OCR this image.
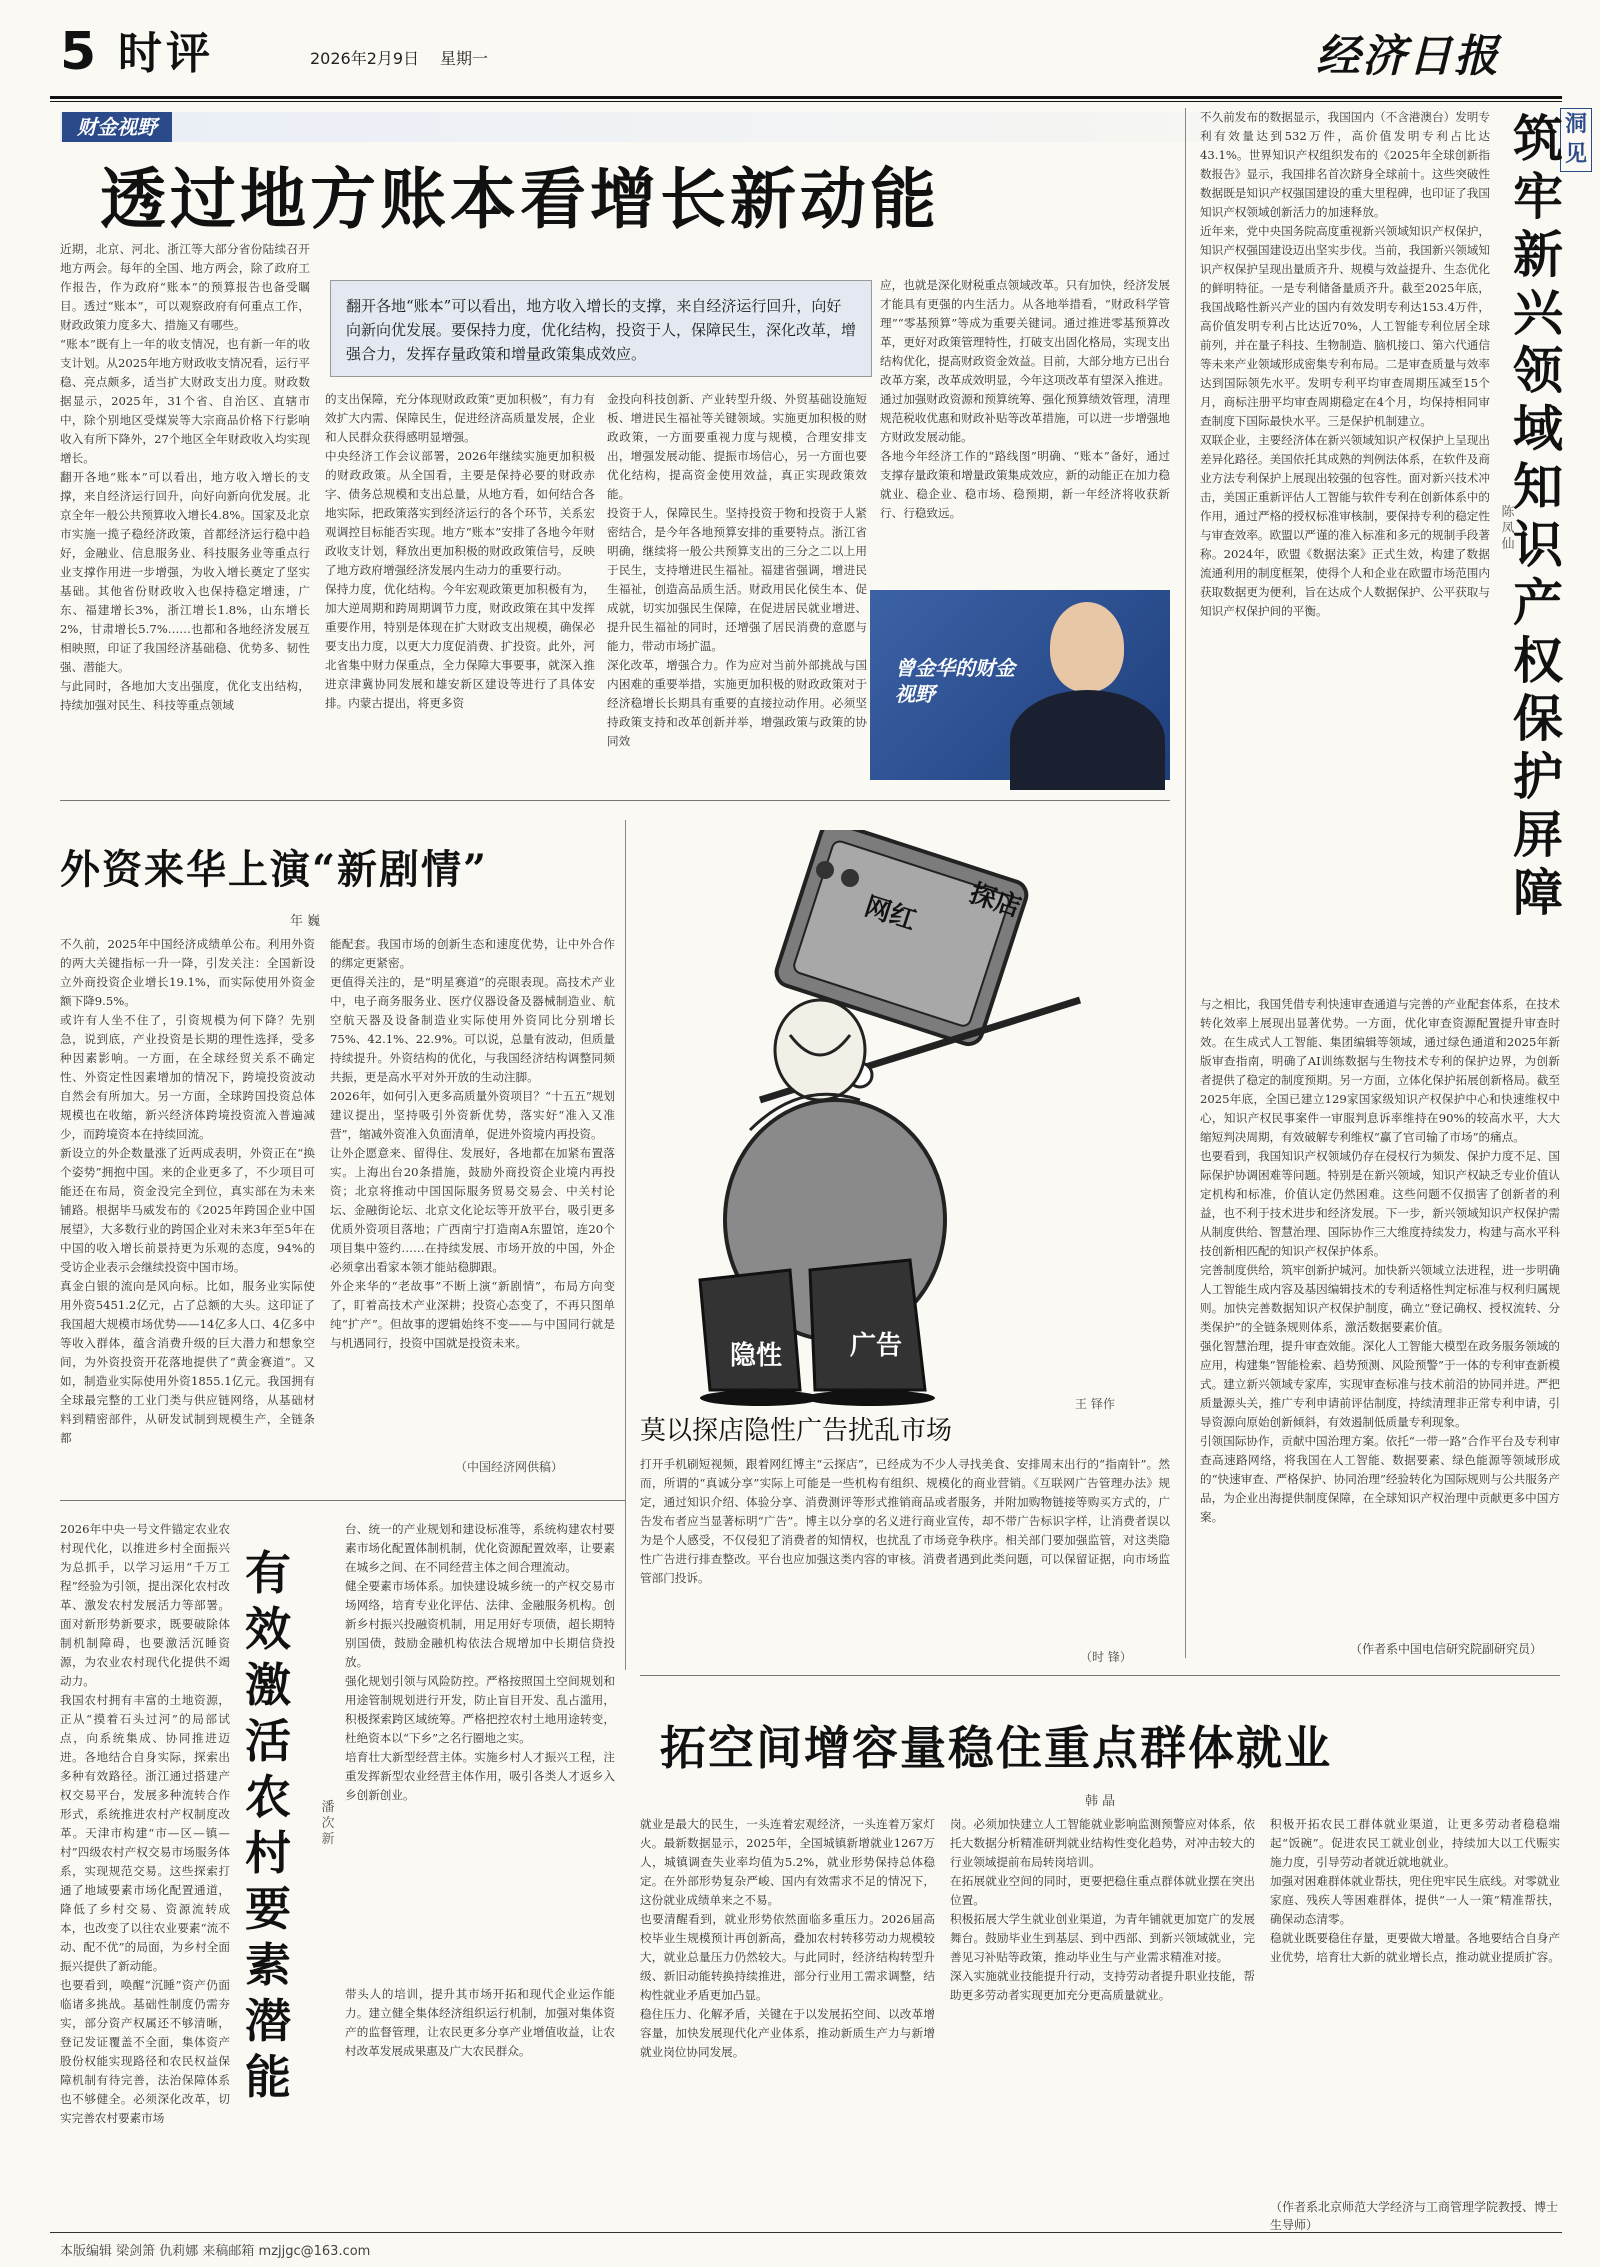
5 时评	2026年2月9日 星期一	经济日报
财金视野
透过地方账本看增长新动能
翻开各地“账本”可以看出，地方收入增长的支撑，来自经济运行回升，向好向新向优发展。要保持力度，优化结构，投资于人，保障民生，深化改革，增强合力，发挥存量政策和增量政策集成效应。
近期，北京、河北、浙江等大部分省份陆续召开地方两会。每年的全国、地方两会，除了政府工作报告，作为政府“账本”的预算报告也备受瞩目。透过“账本”，可以观察政府有何重点工作，财政政策力度多大、措施又有哪些。
“账本”既有上一年的收支情况，也有新一年的收支计划。从2025年地方财政收支情况看，运行平稳、亮点颇多，适当扩大财政支出力度。财政数据显示，2025年，31个省、自治区、直辖市中，除个别地区受煤炭等大宗商品价格下行影响收入有所下降外，27个地区全年财政收入均实现增长。
翻开各地“账本”可以看出，地方收入增长的支撑，来自经济运行回升，向好向新向优发展。北京全年一般公共预算收入增长4.8%。国家及北京市实施一揽子稳经济政策，首都经济运行稳中趋好，金融业、信息服务业、科技服务业等重点行业支撑作用进一步增强，为收入增长奠定了坚实基础。其他省份财政收入也保持稳定增速，广东、福建增长3%，浙江增长1.8%，山东增长2%，甘肃增长5.7%……也都和各地经济发展互相映照，印证了我国经济基础稳、优势多、韧性强、潜能大。
与此同时，各地加大支出强度，优化支出结构，持续加强对民生、科技等重点领域
的支出保障，充分体现财政政策“更加积极”，有力有效扩大内需、保障民生，促进经济高质量发展，企业和人民群众获得感明显增强。
中央经济工作会议部署，2026年继续实施更加积极的财政政策。从全国看，主要是保持必要的财政赤字、债务总规模和支出总量，从地方看，如何结合各地实际，把政策落实到经济运行的各个环节，关系宏观调控目标能否实现。地方“账本”安排了各地今年财政收支计划，释放出更加积极的财政政策信号，反映了地方政府增强经济发展内生动力的重要行动。
保持力度，优化结构。今年宏观政策更加积极有为，加大逆周期和跨周期调节力度，财政政策在其中发挥重要作用，特别是体现在扩大财政支出规模，确保必要支出力度，以更大力度促消费、扩投资。此外，河北省集中财力保重点，全力保障大事要事，就深入推进京津冀协同发展和雄安新区建设等进行了具体安排。内蒙古提出，将更多资
金投向科技创新、产业转型升级、外贸基础设施短板、增进民生福祉等关键领域。实施更加积极的财政政策，一方面要重视力度与规模，合理安排支出，增强发展动能、提振市场信心，另一方面也要优化结构，提高资金使用效益，真正实现政策效能。
投资于人，保障民生。坚持投资于物和投资于人紧密结合，是今年各地预算安排的重要特点。浙江省明确，继续将一般公共预算支出的三分之二以上用于民生，支持增进民生福祉。福建省强调，增进民生福祉，创造高品质生活。财政用民化侯生本、促成就，切实加强民生保障，在促进居民就业增进、提升民生福祉的同时，还增强了居民消费的意愿与能力，带动市场扩温。
深化改革，增强合力。作为应对当前外部挑战与国内困难的重要举措，实施更加积极的财政政策对于经济稳增长长期具有重要的直接拉动作用。必须坚持政策支持和改革创新并举，增强政策与政策的协同效
应，也就是深化财税重点领域改革。只有加快，经济发展才能具有更强的内生活力。从各地举措看，“财政科学管理”“零基预算”等成为重要关键词。通过推进零基预算改革，更好对政策管理特性，打破支出固化格局，实现支出结构优化，提高财政资金效益。目前，大部分地方已出台改革方案，改革成效明显，今年这项改革有望深入推进。通过加强财政资源和预算统筹、强化预算绩效管理，清理规范税收优惠和财政补贴等改革措施，可以进一步增强地方财政发展动能。
各地今年经济工作的“路线图”明确、“账本”备好，通过支撑存量政策和增量政策集成效应，新的动能正在加力稳就业、稳企业、稳市场、稳预期，新一年经济将收获新行、行稳致远。
曾金华的财金视野
洞见
筑牢新兴领域知识产权保护屏障
陈凤仙
不久前发布的数据显示，我国国内（不含港澳台）发明专利有效量达到532万件，高价值发明专利占比达43.1%。世界知识产权组织发布的《2025年全球创新指数报告》显示，我国排名首次跻身全球前十。这些突破性数据既是知识产权强国建设的重大里程碑，也印证了我国知识产权领域创新活力的加速释放。
近年来，党中央国务院高度重视新兴领域知识产权保护，知识产权强国建设迈出坚实步伐。当前，我国新兴领域知识产权保护呈现出量质齐升、规模与效益提升、生态优化的鲜明特征。一是专利储备量质齐升。截至2025年底，我国战略性新兴产业的国内有效发明专利达153.4万件，高价值发明专利占比达近70%，人工智能专利位居全球前列，并在量子科技、生物制造、脑机接口、第六代通信等未来产业领域形成密集专利布局。二是审查质量与效率达到国际领先水平。发明专利平均审查周期压减至15个月，商标注册平均审查周期稳定在4个月，均保持相同审查制度下国际最快水平。三是保护机制建立。
双联企业，主要经济体在新兴领域知识产权保护上呈现出差异化路径。美国依托其成熟的判例法体系，在软件及商业方法专利保护上展现出较强的包容性。面对新兴技术冲击，美国正重新评估人工智能与软件专利在创新体系中的作用，通过严格的授权标准审核制，要保持专利的稳定性与审查效率。欧盟以严谨的准入标准和多元的规制手段著称。2024年，欧盟《数据法案》正式生效，构建了数据流通利用的制度框架，使得个人和企业在欧盟市场范围内获取数据更为便利，旨在达成个人数据保护、公平获取与知识产权保护间的平衡。
与之相比，我国凭借专利快速审查通道与完善的产业配套体系，在技术转化效率上展现出显著优势。一方面，优化审查资源配置提升审查时效。在生成式人工智能、集团编辑等领域，通过绿色通道和2025年新版审查指南，明确了AI训练数据与生物技术专利的保护边界，为创新者提供了稳定的制度预期。另一方面，立体化保护拓展创新格局。截至2025年底，全国已建立129家国家级知识产权保护中心和快速维权中心，知识产权民事案件一审服判息诉率维持在90%的较高水平，大大缩短判决周期，有效破解专利维权“赢了官司输了市场”的痛点。
也要看到，我国知识产权领域仍存在侵权行为频发、保护力度不足、国际保护协调困难等问题。特别是在新兴领域，知识产权缺乏专业价值认定机构和标准，价值认定仍然困难。这些问题不仅损害了创新者的利益，也不利于技术进步和经济发展。下一步，新兴领域知识产权保护需从制度供给、智慧治理、国际协作三大维度持续发力，构建与高水平科技创新相匹配的知识产权保护体系。
完善制度供给，筑牢创新护城河。加快新兴领域立法进程，进一步明确人工智能生成内容及基因编辑技术的专利适格性判定标准与权利归属规则。加快完善数据知识产权保护制度，确立“登记确权、授权流转、分类保护”的全链条规则体系，激活数据要素价值。
强化智慧治理，提升审查效能。深化人工智能大模型在政务服务领域的应用，构建集“智能检索、趋势预测、风险预警”于一体的专利审查新模式。建立新兴领域专家库，实现审查标准与技术前沿的协同并进。严把质量源头关，推广专利申请前评估制度，持续清理非正常专利申请，引导资源向原始创新倾斜，有效遏制低质量专利现象。
引领国际协作，贡献中国治理方案。依托“一带一路”合作平台及专利审查高速路网络，将我国在人工智能、数据要素、绿色能源等领域形成的“快速审查、严格保护、协同治理”经验转化为国际规则与公共服务产品，为企业出海提供制度保障，在全球知识产权治理中贡献更多中国方案。
（作者系中国电信研究院副研究员）
外资来华上演“新剧情”
年 巍
不久前，2025年中国经济成绩单公布。利用外资的两大关键指标一升一降，引发关注：全国新设立外商投资企业增长19.1%，而实际使用外资金额下降9.5%。
或许有人坐不住了，引资规模为何下降？先别急，说到底，产业投资是长期的理性选择，受多种因素影响。一方面，在全球经贸关系不确定性、外资定性因素增加的情况下，跨境投资波动自然会有所加大。另一方面，全球跨国投资总体规模也在收缩，新兴经济体跨境投资流入普遍减少，而跨境资本在持续回流。
新设立的外企数量涨了近两成表明，外资正在“换个姿势”拥抱中国。来的企业更多了，不少项目可能还在布局，资金没完全到位，真实部在为未来铺路。根据毕马威发布的《2025年跨国企业中国展望》，大多数行业的跨国企业对未来3年至5年在中国的收入增长前景持更为乐观的态度，94%的受访企业表示会继续投资中国市场。
真金白银的流向是风向标。比如，服务业实际使用外资5451.2亿元，占了总额的大头。这印证了我国超大规模市场优势——14亿多人口、4亿多中等收入群体，蕴含消费升级的巨大潜力和想象空间，为外资投资开花落地提供了“黄金赛道”。又如，制造业实际使用外资1855.1亿元。我国拥有全球最完整的工业门类与供应链网络，从基础材料到精密部件，从研发试制到规模生产，全链条都
能配套。我国市场的创新生态和速度优势，让中外合作的绑定更紧密。
更值得关注的，是“明星赛道”的亮眼表现。高技术产业中，电子商务服务业、医疗仪器设备及器械制造业、航空航天器及设备制造业实际使用外资同比分别增长75%、42.1%、22.9%。可以说，总量有波动，但质量持续提升。外资结构的优化，与我国经济结构调整同频共振，更是高水平对外开放的生动注脚。
2026年，如何引入更多高质量外资项目？“十五五”规划建议提出，坚持吸引外资新优势，落实好“准入又准营”，缩减外资准入负面清单，促进外资境内再投资。
让外企愿意来、留得住、发展好，各地都在加紧布置落实。上海出台20条措施，鼓励外商投资企业境内再投资；北京将推动中国国际服务贸易交易会、中关村论坛、金融街论坛、北京文化论坛等开放平台，吸引更多优质外资项目落地；广西南宁打造南A东盟馆，连20个项目集中签约……在持续发展、市场开放的中国，外企必须拿出看家本领才能站稳脚跟。
外企来华的“老故事”不断上演“新剧情”，布局方向变了，盯着高技术产业深耕；投资心态变了，不再只图单纯“扩产”。但故事的逻辑始终不变——与中国同行就是与机遇同行，投资中国就是投资未来。
（中国经济网供稿）
网红 探店
隐性	广告
王 铎作
莫以探店隐性广告扰乱市场
打开手机刷短视频，跟着网红博主“云探店”，已经成为不少人寻找美食、安排周末出行的“指南针”。然而，所谓的“真诚分享”实际上可能是一些机构有组织、规模化的商业营销。《互联网广告管理办法》规定，通过知识介绍、体验分享、消费测评等形式推销商品或者服务，并附加购物链接等购买方式的，广告发布者应当显著标明“广告”。博主以分享的名义进行商业宣传，却不带广告标识字样，让消费者误以为是个人感受，不仅侵犯了消费者的知情权，也扰乱了市场竞争秩序。相关部门要加强监管，对这类隐性广告进行排查整改。平台也应加强这类内容的审核。消费者遇到此类问题，可以保留证据，向市场监管部门投诉。
（时 锋）
有效激活农村要素潜能
潘次新
2026年中央一号文件锚定农业农村现代化，以推进乡村全面振兴为总抓手，以学习运用“千万工程”经验为引领，提出深化农村改革、激发农村发展活力等部署。面对新形势新要求，既要破除体制机制障碍，也要激活沉睡资源，为农业农村现代化提供不竭动力。
我国农村拥有丰富的土地资源，正从“摸着石头过河”的局部试点，向系统集成、协同推进迈进。各地结合自身实际，探索出多种有效路径。浙江通过搭建产权交易平台，发展多种流转合作形式，系统推进农村产权制度改革。天津市构建“市—区—镇—村”四级农村产权交易市场服务体系，实现规范交易。这些探索打通了地域要素市场化配置通道，降低了乡村交易、资源流转成本，也改变了以往农业要素“流不动、配不优”的局面，为乡村全面振兴提供了新动能。
也要看到，唤醒“沉睡”资产仍面临诸多挑战。基础性制度仍需夯实，部分资产权属还不够清晰，登记发证覆盖不全面，集体资产股份权能实现路径和农民权益保障机制有待完善，法治保障体系也不够健全。必须深化改革，切实完善农村要素市场
台、统一的产业规划和建设标准等，系统构建农村要素市场化配置体制机制，优化资源配置效率，让要素在城乡之间、在不同经营主体之间合理流动。
健全要素市场体系。加快建设城乡统一的产权交易市场网络，培育专业化评估、法律、金融服务机构。创新乡村振兴投融资机制，用足用好专项债，超长期特别国债，鼓励金融机构依法合规增加中长期信贷投放。
强化规划引领与风险防控。严格按照国土空间规划和用途管制规划进行开发，防止盲目开发、乱占滥用，积极探索跨区域统筹。严格把控农村土地用途转变，杜绝资本以“下乡”之名行圈地之实。
培育壮大新型经营主体。实施乡村人才振兴工程，注重发挥新型农业经营主体作用，吸引各类人才返乡入乡创新创业。
带头人的培训，提升其市场开拓和现代企业运作能力。建立健全集体经济组织运行机制，加强对集体资产的监督管理，让农民更多分享产业增值收益，让农村改革发展成果惠及广大农民群众。
拓空间增容量稳住重点群体就业
韩 晶
就业是最大的民生，一头连着宏观经济，一头连着万家灯火。最新数据显示，2025年，全国城镇新增就业1267万人，城镇调查失业率均值为5.2%，就业形势保持总体稳定。在外部形势复杂严峻、国内有效需求不足的情况下，这份就业成绩单来之不易。
也要清醒看到，就业形势依然面临多重压力。2026届高校毕业生规模预计再创新高，叠加农村转移劳动力规模较大，就业总量压力仍然较大。与此同时，经济结构转型升级、新旧动能转换持续推进，部分行业用工需求调整，结构性就业矛盾更加凸显。
稳住压力、化解矛盾，关键在于以发展拓空间、以改革增容量，加快发展现代化产业体系，推动新质生产力与新增就业岗位协同发展。
岗。必须加快建立人工智能就业影响监测预警应对体系，依托大数据分析精准研判就业结构性变化趋势，对冲击较大的行业领域提前布局转岗培训。
在拓展就业空间的同时，更要把稳住重点群体就业摆在突出位置。
积极拓展大学生就业创业渠道，为青年铺就更加宽广的发展舞台。鼓励毕业生到基层、到中西部、到新兴领域就业，完善见习补贴等政策，推动毕业生与产业需求精准对接。
深入实施就业技能提升行动，支持劳动者提升职业技能，帮助更多劳动者实现更加充分更高质量就业。
积极开拓农民工群体就业渠道，让更多劳动者稳稳端起“饭碗”。促进农民工就业创业，持续加大以工代赈实施力度，引导劳动者就近就地就业。
加强对困难群体就业帮扶，兜住兜牢民生底线。对零就业家庭、残疾人等困难群体，提供“一人一策”精准帮扶，确保动态清零。
稳就业既要稳住存量，更要做大增量。各地要结合自身产业优势，培育壮大新的就业增长点，推动就业提质扩容。
（作者系北京师范大学经济与工商管理学院教授、博士生导师）
本版编辑 梁剑箫 仇莉娜 来稿邮箱 mzjjgc@163.com
